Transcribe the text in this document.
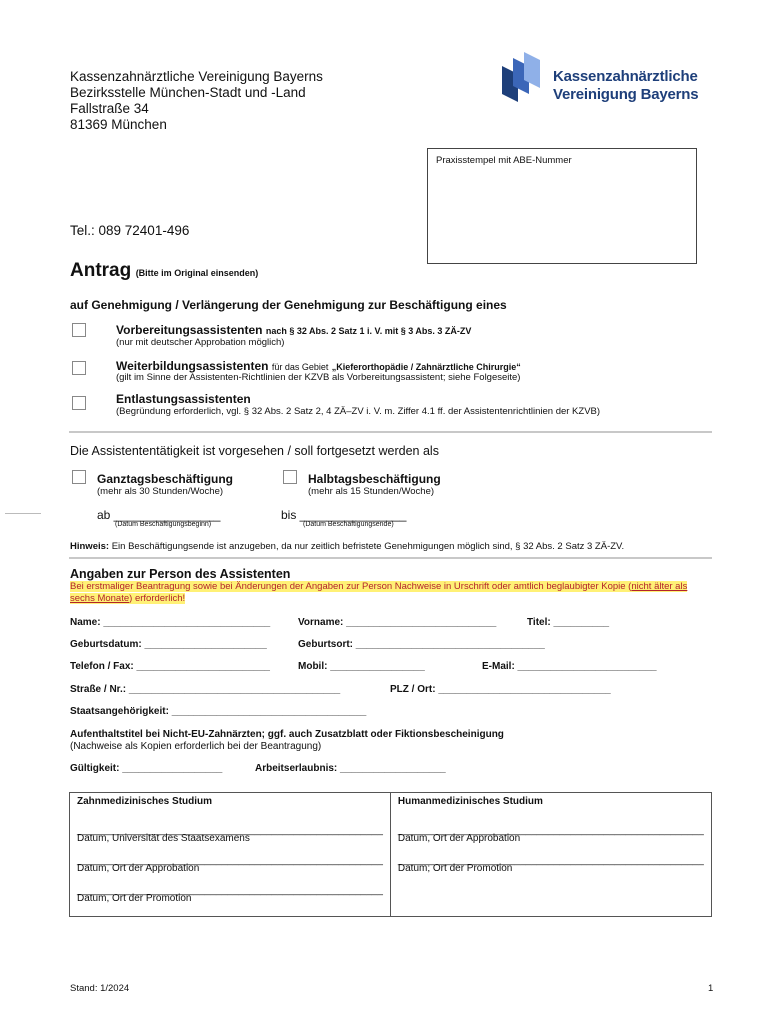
Kassenzahnärztliche Vereinigung Bayerns
Bezirksstelle München-Stadt und -Land
Fallstraße 34
81369 München
Kassenzahnärztliche
Vereinigung Bayerns
Praxisstempel mit ABE-Nummer
Tel.: 089 72401-496
Antrag (Bitte im Original einsenden)
auf Genehmigung / Verlängerung der Genehmigung zur Beschäftigung eines
Vorbereitungsassistenten nach § 32 Abs. 2 Satz 1 i. V. mit § 3 Abs. 3 ZÄ-ZV
(nur mit deutscher Approbation möglich)
Weiterbildungsassistenten für das Gebiet „Kieferorthopädie / Zahnärztliche Chirurgie“
(gilt im Sinne der Assistenten-Richtlinien der KZVB als Vorbereitungsassistent; siehe Folgeseite)
Entlastungsassistenten
(Begründung erforderlich, vgl. § 32 Abs. 2 Satz 2, 4 ZÄ–ZV i. V. m. Ziffer 4.1 ff. der Assistentenrichtlinien der KZVB)
Die Assistententätigkeit ist vorgesehen / soll fortgesetzt werden als
Ganztagsbeschäftigung
(mehr als 30 Stunden/Woche)
Halbtagsbeschäftigung
(mehr als 15 Stunden/Woche)
ab ________________
(Datum Beschäftigungsbeginn)
bis ________________
(Datum Beschäftigungsende)
Hinweis: Ein Beschäftigungsende ist anzugeben, da nur zeitlich befristete Genehmigungen möglich sind, § 32 Abs. 2 Satz 3 ZÄ-ZV.
Angaben zur Person des Assistenten
Bei erstmaliger Beantragung sowie bei Änderungen der Angaben zur Person Nachweise in Urschrift oder amtlich beglaubigter Kopie (nicht älter als
sechs Monate) erforderlich!
Name: ______________________________	Vorname: ___________________________	Titel: __________
Geburtsdatum: ______________________	Geburtsort: __________________________________
Telefon / Fax: ________________________	Mobil: _________________	E-Mail: _________________________
Straße / Nr.: ______________________________________	PLZ / Ort: _______________________________
Staatsangehörigkeit: ___________________________________
Aufenthaltstitel bei Nicht-EU-Zahnärzten; ggf. auch Zusatzblatt oder Fiktionsbescheinigung
(Nachweise als Kopien erforderlich bei der Beantragung)
Gültigkeit: __________________	Arbeitserlaubnis: ___________________
Zahnmedizinisches Studium
_______________________________________________________
Datum, Universität des Staatsexamens
_______________________________________________________
Datum, Ort der Approbation
_______________________________________________________
Datum, Ort der Promotion

Humanmedizinisches Studium
_______________________________________________________
Datum, Ort der Approbation
_______________________________________________________
Datum; Ort der Promotion
Stand: 1/2024	1
